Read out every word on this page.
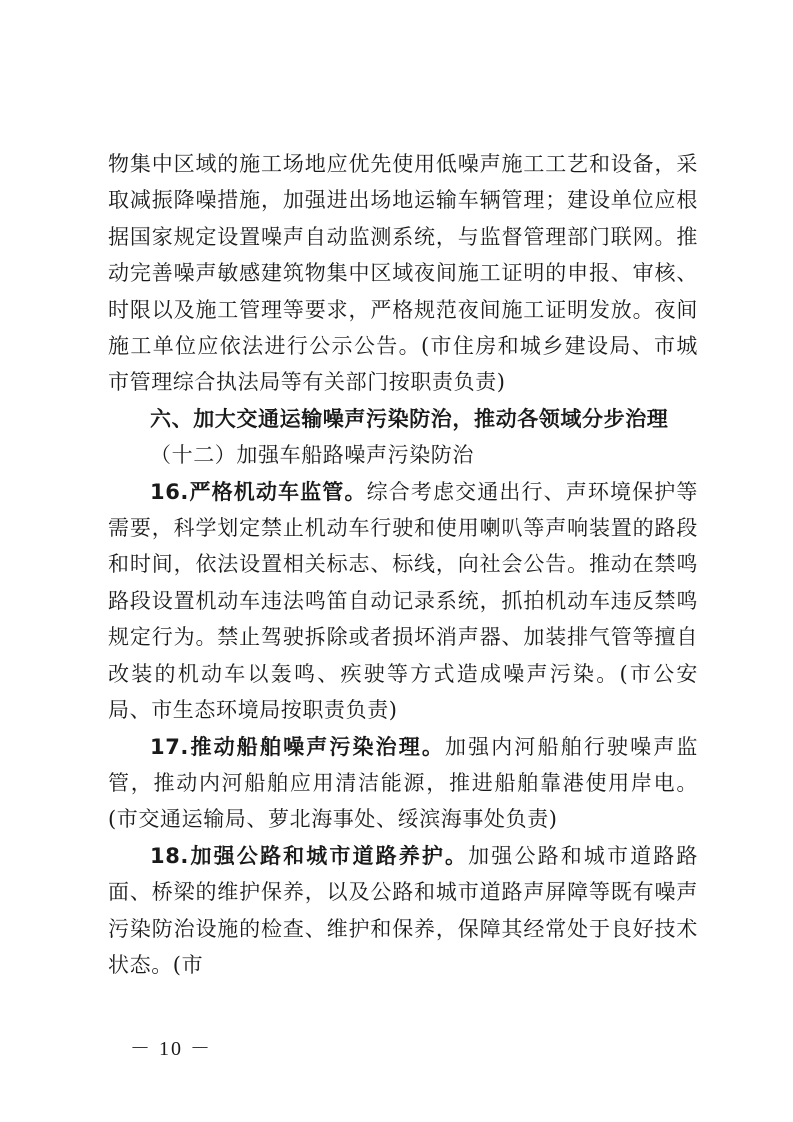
物集中区域的施工场地应优先使用低噪声施工工艺和设备，采取减振降噪措施，加强进出场地运输车辆管理；建设单位应根据国家规定设置噪声自动监测系统，与监督管理部门联网。推动完善噪声敏感建筑物集中区域夜间施工证明的申报、审核、时限以及施工管理等要求，严格规范夜间施工证明发放。夜间施工单位应依法进行公示公告。(市住房和城乡建设局、市城市管理综合执法局等有关部门按职责负责)

六、加大交通运输噪声污染防治，推动各领域分步治理

（十二）加强车船路噪声污染防治

16.严格机动车监管。综合考虑交通出行、声环境保护等需要，科学划定禁止机动车行驶和使用喇叭等声响装置的路段和时间，依法设置相关标志、标线，向社会公告。推动在禁鸣路段设置机动车违法鸣笛自动记录系统，抓拍机动车违反禁鸣规定行为。禁止驾驶拆除或者损坏消声器、加装排气管等擅自改装的机动车以轰鸣、疾驶等方式造成噪声污染。(市公安局、市生态环境局按职责负责)

17.推动船舶噪声污染治理。加强内河船舶行驶噪声监管，推动内河船舶应用清洁能源，推进船舶靠港使用岸电。(市交通运输局、萝北海事处、绥滨海事处负责)

18.加强公路和城市道路养护。加强公路和城市道路路面、桥梁的维护保养，以及公路和城市道路声屏障等既有噪声污染防治设施的检查、维护和保养，保障其经常处于良好技术状态。(市

－ 10 －
